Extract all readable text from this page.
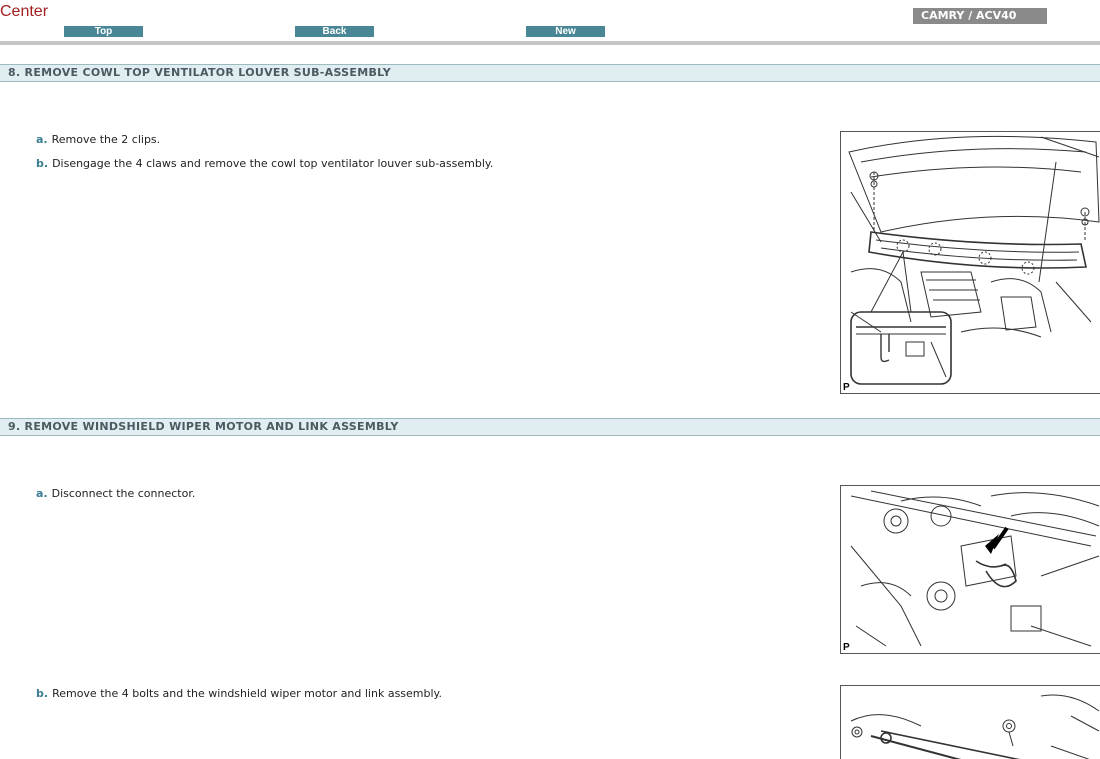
Center
Top	Back	New
CAMRY / ACV40
8. REMOVE COWL TOP VENTILATOR LOUVER SUB-ASSEMBLY
a. Remove the 2 clips.
b. Disengage the 4 claws and remove the cowl top ventilator louver sub-assembly.
P
9. REMOVE WINDSHIELD WIPER MOTOR AND LINK ASSEMBLY
a. Disconnect the connector.
P
b. Remove the 4 bolts and the windshield wiper motor and link assembly.
